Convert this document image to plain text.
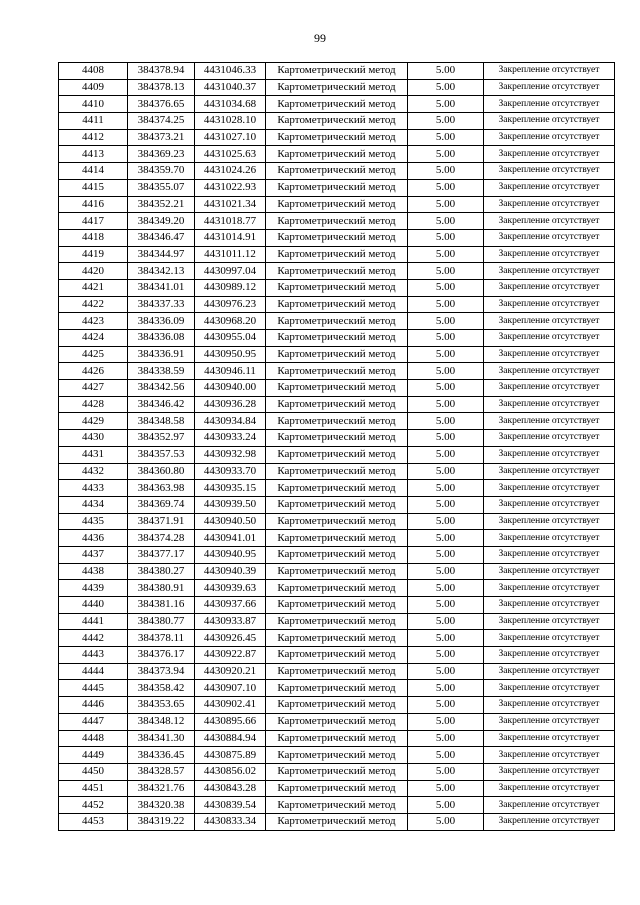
99
4408	384378.94	4431046.33	Картометрический метод	5.00	Закрепление отсутствует
4409	384378.13	4431040.37	Картометрический метод	5.00	Закрепление отсутствует
4410	384376.65	4431034.68	Картометрический метод	5.00	Закрепление отсутствует
4411	384374.25	4431028.10	Картометрический метод	5.00	Закрепление отсутствует
4412	384373.21	4431027.10	Картометрический метод	5.00	Закрепление отсутствует
4413	384369.23	4431025.63	Картометрический метод	5.00	Закрепление отсутствует
4414	384359.70	4431024.26	Картометрический метод	5.00	Закрепление отсутствует
4415	384355.07	4431022.93	Картометрический метод	5.00	Закрепление отсутствует
4416	384352.21	4431021.34	Картометрический метод	5.00	Закрепление отсутствует
4417	384349.20	4431018.77	Картометрический метод	5.00	Закрепление отсутствует
4418	384346.47	4431014.91	Картометрический метод	5.00	Закрепление отсутствует
4419	384344.97	4431011.12	Картометрический метод	5.00	Закрепление отсутствует
4420	384342.13	4430997.04	Картометрический метод	5.00	Закрепление отсутствует
4421	384341.01	4430989.12	Картометрический метод	5.00	Закрепление отсутствует
4422	384337.33	4430976.23	Картометрический метод	5.00	Закрепление отсутствует
4423	384336.09	4430968.20	Картометрический метод	5.00	Закрепление отсутствует
4424	384336.08	4430955.04	Картометрический метод	5.00	Закрепление отсутствует
4425	384336.91	4430950.95	Картометрический метод	5.00	Закрепление отсутствует
4426	384338.59	4430946.11	Картометрический метод	5.00	Закрепление отсутствует
4427	384342.56	4430940.00	Картометрический метод	5.00	Закрепление отсутствует
4428	384346.42	4430936.28	Картометрический метод	5.00	Закрепление отсутствует
4429	384348.58	4430934.84	Картометрический метод	5.00	Закрепление отсутствует
4430	384352.97	4430933.24	Картометрический метод	5.00	Закрепление отсутствует
4431	384357.53	4430932.98	Картометрический метод	5.00	Закрепление отсутствует
4432	384360.80	4430933.70	Картометрический метод	5.00	Закрепление отсутствует
4433	384363.98	4430935.15	Картометрический метод	5.00	Закрепление отсутствует
4434	384369.74	4430939.50	Картометрический метод	5.00	Закрепление отсутствует
4435	384371.91	4430940.50	Картометрический метод	5.00	Закрепление отсутствует
4436	384374.28	4430941.01	Картометрический метод	5.00	Закрепление отсутствует
4437	384377.17	4430940.95	Картометрический метод	5.00	Закрепление отсутствует
4438	384380.27	4430940.39	Картометрический метод	5.00	Закрепление отсутствует
4439	384380.91	4430939.63	Картометрический метод	5.00	Закрепление отсутствует
4440	384381.16	4430937.66	Картометрический метод	5.00	Закрепление отсутствует
4441	384380.77	4430933.87	Картометрический метод	5.00	Закрепление отсутствует
4442	384378.11	4430926.45	Картометрический метод	5.00	Закрепление отсутствует
4443	384376.17	4430922.87	Картометрический метод	5.00	Закрепление отсутствует
4444	384373.94	4430920.21	Картометрический метод	5.00	Закрепление отсутствует
4445	384358.42	4430907.10	Картометрический метод	5.00	Закрепление отсутствует
4446	384353.65	4430902.41	Картометрический метод	5.00	Закрепление отсутствует
4447	384348.12	4430895.66	Картометрический метод	5.00	Закрепление отсутствует
4448	384341.30	4430884.94	Картометрический метод	5.00	Закрепление отсутствует
4449	384336.45	4430875.89	Картометрический метод	5.00	Закрепление отсутствует
4450	384328.57	4430856.02	Картометрический метод	5.00	Закрепление отсутствует
4451	384321.76	4430843.28	Картометрический метод	5.00	Закрепление отсутствует
4452	384320.38	4430839.54	Картометрический метод	5.00	Закрепление отсутствует
4453	384319.22	4430833.34	Картометрический метод	5.00	Закрепление отсутствует
